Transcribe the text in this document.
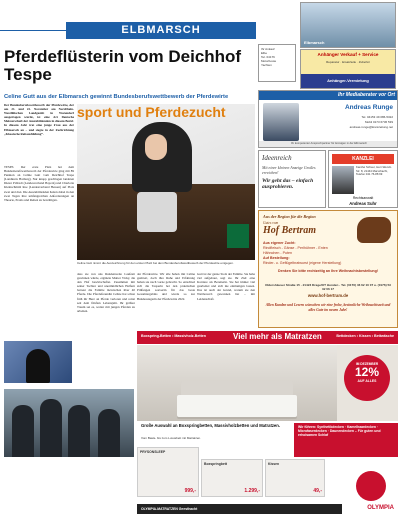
ELBMARSCH
Pferdeflüsterin vom Deichhof Tespe
Celine Gutt aus der Elbmarsch gewinnt Bundesberufswettbewerb der Pferdewirte
Der Bundesberufswettbewerb der Pferdewirte, der am 21. und 22. November am Nordrhein-Westfälischen Landgestüt in Warendorf ausgetragen wurde, ist eine Art Deutsche Meisterschaft der Auszubildenden in diesem Beruf. In diesem Jahr trat eine junge Frau aus der Elbmarsch an – und siegte in der Fachrichtung „Klassische Reitausbildung“.
TESPE. Der erste Platz bei dem Bundesberufswettbewerb der Pferdewirte ging mit 89 Punkten an Celine Gutt vom Deichhof Tespe (Landkreis Harburg). Nur knapp geschlagen landeten Dieter Pröbsdt (Landesverband Bayern) und Charlotte Kleinschmidt Roe (Landesverband Hessen) auf Platz zwei und drei. Die Auszubildenden hatten dabei in den zwei Tagen ihre umfangreichen Anforderungen an Theorie, Praxis und Reiten zu bewältigen.
sport und Pferdezucht
Celine Gutt nimmt die Auszeichnung für den ersten Platz bei dem Bundesberufswettbewerb der Pferdewirte entgegen.
dass sie von uns Rundenweite Laufzeit gewinnen würde, ergänzte Mutter Vicky, die den Hof bewirtschaftet. Zusammen mit seiner Tochter und unermüdlichen Helfern betreut die Familie inzwischen über 40 Pferde. Die Pferdefreundin Celine hat schon früh ihr Herz an Pferde verloren und reitet seit dem fünften Lebensjahr. Ihr größter Traum sei es, weiter mit jungen Pferden zu arbeiten.
der Pferdewirte. Wir alle haben mit Celine gezittert, doch ihre Ruhe und Erfahrung haben sie nach vorne gebracht. So entschied sich die Tesperin bei den praktischen Prüfungen souverän für das beste Gesamtergebnis und wurde so zur Bundessiegerin der Pferdewirte 2022.
Gutt ist der ganze Stolz der Familie. Sie habe viel aufgebaut, sagt sie. Ihr Ziel: eine Karriere als Bereiterin. Sie hat immer viel gearbeitet und sich nie entmutigen lassen. Das ist auch der Grund, warum sie den Wettbewerb gewonnen hat – mit Leidenschaft.
Ihr Ankauf
Elbe
Tel. 04176
Motorboote
Yachten
Elbmarsch
Anhänger Verkauf + Service
Reparatur · Ersatzteile · Zubehör
Anhänger-Vermietung
Ihr Mediaberater vor Ort
Andreas Runge
Tel. 04153 49 086-5322
Mobil 0173 6736 539
andreas.runge@kreiszeitung.net
Ihr kompetenter Ansprechpartner für Anzeigen in der Elbmarsch
Ideenreich
Mit einer kleinen Anzeige Großes erreichen!
Wir geht das – einfach ausprobieren.
KANZLEI
Kanzlei Schuer, Herr-Wendt-Str. 8, 21444 Marschacht, Telefon 041 76-88 99
Rechtsanwalt
Andreas Suhr
Aus der Region für die Region
Gutes vom
Hof Bertram
Aus eigener Zucht:
Rindfleisch - Gänse - Perlhühner - Enten
Hähnchen - Puten
Auf Bestellung:
Rinder- u. Geflügelbratwurst (eigene Herstellung)
Denken Sie bitte rechtzeitig an Ihre Weihnachtsbestellung!
Oldershäuser Straße 15 · 21423 Drage/OT Hunden · Tel. (0176) 46 62 10 07 u. (0176) 53 32 06 17
www.hof-bertram.de
Allen Kunden und Lesern wünschen wir eine frohe, besinnliche Weihnachtszeit und alles Gute im neuen Jahr!
Boxspring-Betten • Massivholz-Betten	Viel mehr als Matratzen	Bettdecken • Kissen • Bettwäsche
IM DEZEMBER
12%
AUF ALLES
Große Auswahl an Boxspringbetten, Massivholzbetten und Matratzen.
Vom Basis- bis zum Luxusbett mit Matratzen.
Wir führen: Synthetikdecken · Kamelhaardecken · Microfaserdecken · Daunendecken – Für guten und erholsamen Schlaf
PRYSONSLEEP
999,-
Boxspringbett
1.299,-
Kissen
49,-
OLYMPIA
OLYMPIA-MATRATZEN Geesthacht
